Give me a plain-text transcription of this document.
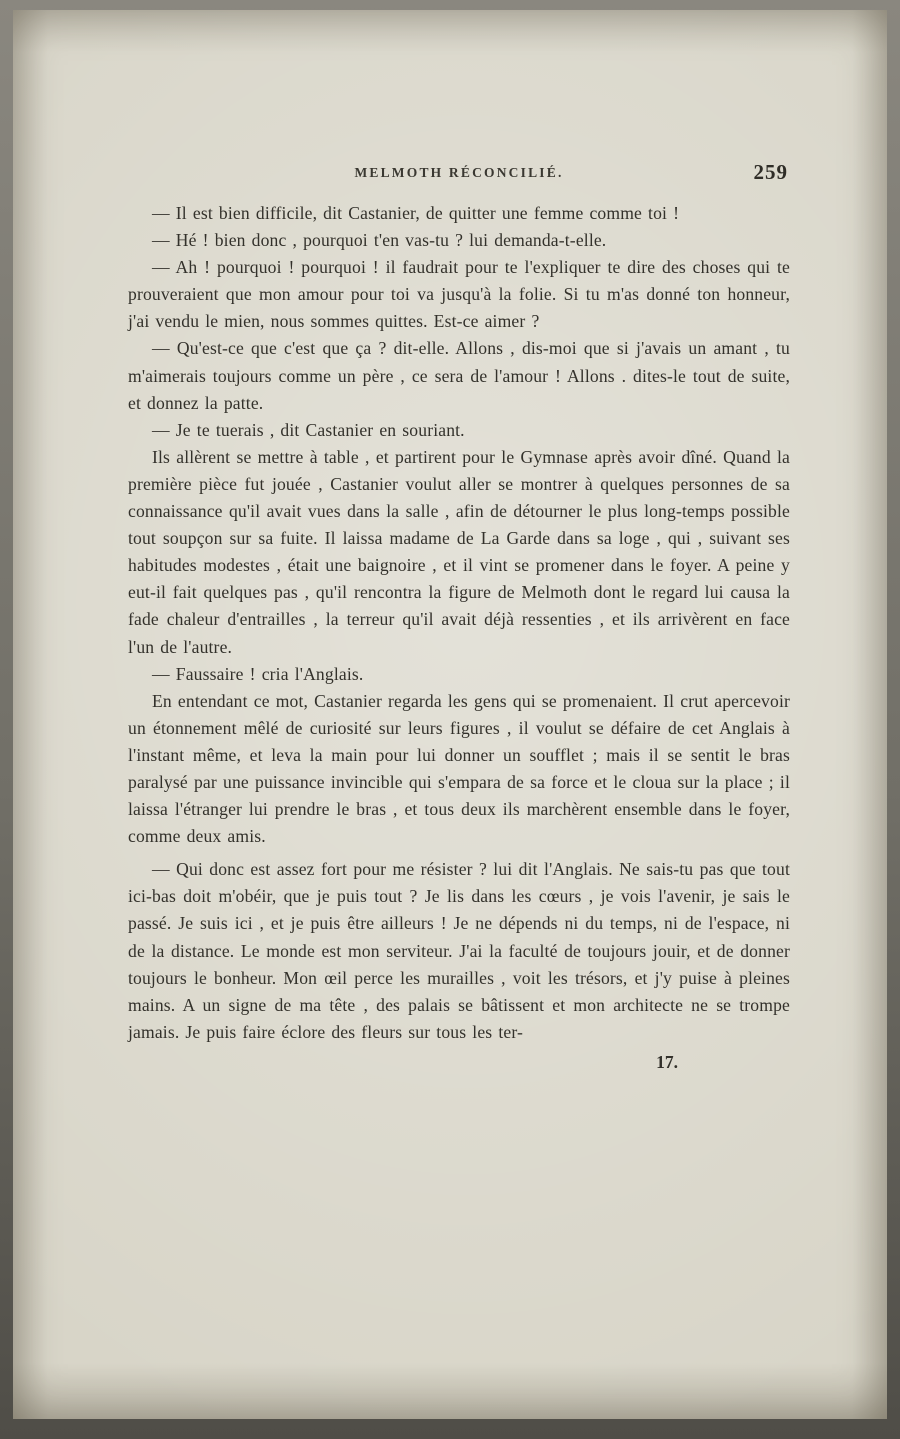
MELMOTH RÉCONCILIÉ.	259

— Il est bien difficile, dit Castanier, de quitter une femme comme toi !

— Hé ! bien donc , pourquoi t'en vas-tu ? lui demanda-t-elle.

— Ah ! pourquoi ! pourquoi ! il faudrait pour te l'expliquer te dire des choses qui te prouveraient que mon amour pour toi va jusqu'à la folie. Si tu m'as donné ton honneur, j'ai vendu le mien, nous sommes quittes. Est-ce aimer ?

— Qu'est-ce que c'est que ça ? dit-elle. Allons , dis-moi que si j'avais un amant , tu m'aimerais toujours comme un père , ce sera de l'amour ! Allons . dites-le tout de suite, et donnez la patte.

— Je te tuerais , dit Castanier en souriant.

Ils allèrent se mettre à table , et partirent pour le Gymnase après avoir dîné. Quand la première pièce fut jouée , Castanier voulut aller se montrer à quelques personnes de sa connaissance qu'il avait vues dans la salle , afin de détourner le plus long-temps possible tout soupçon sur sa fuite. Il laissa madame de La Garde dans sa loge , qui , suivant ses habitudes modestes , était une baignoire , et il vint se promener dans le foyer. A peine y eut-il fait quelques pas , qu'il rencontra la figure de Melmoth dont le regard lui causa la fade chaleur d'entrailles , la terreur qu'il avait déjà ressenties , et ils arrivèrent en face l'un de l'autre.

— Faussaire ! cria l'Anglais.

En entendant ce mot, Castanier regarda les gens qui se promenaient. Il crut apercevoir un étonnement mêlé de curiosité sur leurs figures , il voulut se défaire de cet Anglais à l'instant même, et leva la main pour lui donner un soufflet ; mais il se sentit le bras paralysé par une puissance invincible qui s'empara de sa force et le cloua sur la place ; il laissa l'étranger lui prendre le bras , et tous deux ils marchèrent ensemble dans le foyer, comme deux amis.

— Qui donc est assez fort pour me résister ? lui dit l'Anglais. Ne sais-tu pas que tout ici-bas doit m'obéir, que je puis tout ? Je lis dans les cœurs , je vois l'avenir, je sais le passé. Je suis ici , et je puis être ailleurs ! Je ne dépends ni du temps, ni de l'espace, ni de la distance. Le monde est mon serviteur. J'ai la faculté de toujours jouir, et de donner toujours le bonheur. Mon œil perce les murailles , voit les trésors, et j'y puise à pleines mains. A un signe de ma tête , des palais se bâtissent et mon architecte ne se trompe jamais. Je puis faire éclore des fleurs sur tous les ter-

17.
